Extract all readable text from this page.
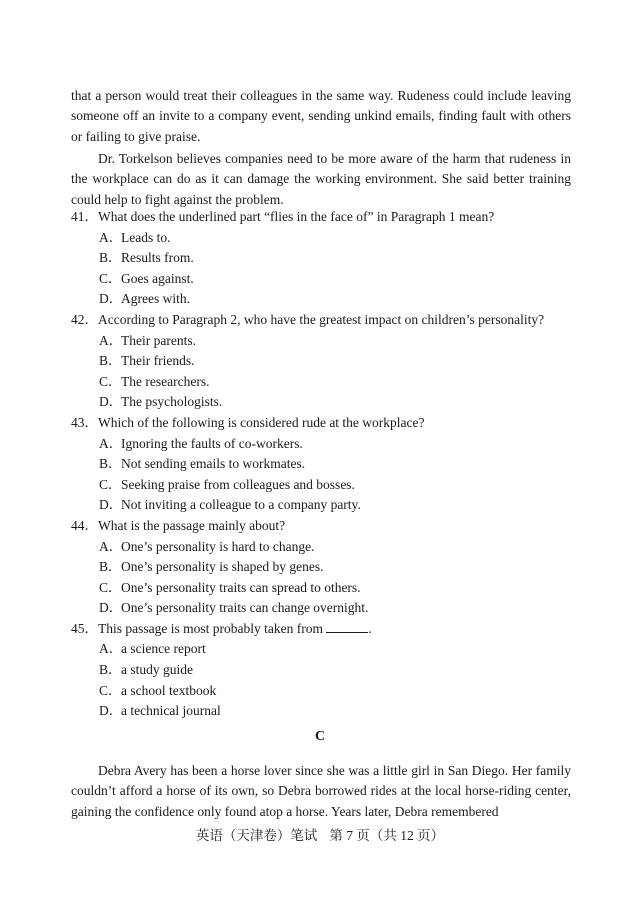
that a person would treat their colleagues in the same way. Rudeness could include leaving someone off an invite to a company event, sending unkind emails, finding fault with others or failing to give praise.

Dr. Torkelson believes companies need to be more aware of the harm that rudeness in the workplace can do as it can damage the working environment. She said better training could help to fight against the problem.

41．What does the underlined part “flies in the face of” in Paragraph 1 mean?

A．Leads to.

B．Results from.

C．Goes against.

D．Agrees with.

42．According to Paragraph 2, who have the greatest impact on children’s personality?

A．Their parents.

B．Their friends.

C．The researchers.

D．The psychologists.

43．Which of the following is considered rude at the workplace?

A．Ignoring the faults of co-workers.

B．Not sending emails to workmates.

C．Seeking praise from colleagues and bosses.

D．Not inviting a colleague to a company party.

44．What is the passage mainly about?

A．One’s personality is hard to change.

B．One’s personality is shaped by genes.

C．One’s personality traits can spread to others.

D．One’s personality traits can change overnight.

45．This passage is most probably taken from	.

A．a science report

B．a study guide

C．a school textbook

D．a technical journal

C

Debra Avery has been a horse lover since she was a little girl in San Diego. Her family couldn’t afford a horse of its own, so Debra borrowed rides at the local horse-riding center, gaining the confidence only found atop a horse. Years later, Debra remembered

英语（天津卷）笔试 第 7 页（共 12 页）
